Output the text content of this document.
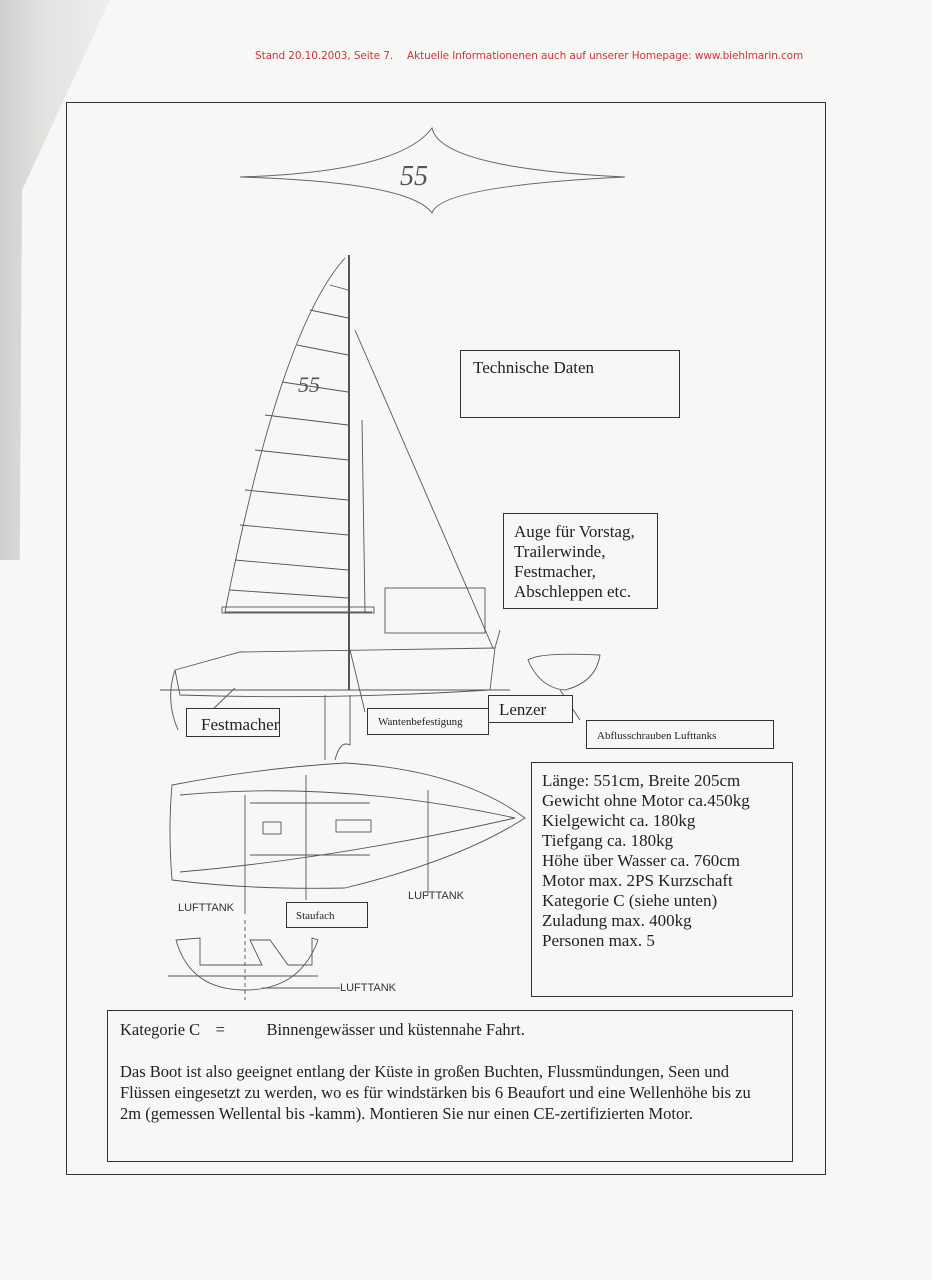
Stand 20.10.2003, Seite 7. Aktuelle Informationenen auch auf unserer Homepage: www.biehlmarin.com
55
55
LUFTTANK
LUFTTANK
LUFTTANK
Technische Daten
Auge für Vorstag,
Trailerwinde,
Festmacher,
Abschleppen etc.
Festmacher	Wantenbefestigung
Lenzer
Abflusschrauben Lufttanks
Staufach
Länge: 551cm, Breite 205cm
Gewicht ohne Motor ca.450kg
Kielgewicht ca. 180kg
Tiefgang ca. 180kg
Höhe über Wasser ca. 760cm
Motor max. 2PS Kurzschaft
Kategorie C (siehe unten)
Zuladung max. 400kg
Personen max. 5

Kategorie C =	Binnengewässer und küstennahe Fahrt.

Das Boot ist also geeignet entlang der Küste in großen Buchten, Flussmündungen, Seen und Flüssen eingesetzt zu werden, wo es für windstärken bis 6 Beaufort und eine Wellenhöhe bis zu 2m (gemessen Wellental bis -kamm). Montieren Sie nur einen CE-zertifizierten Motor.
